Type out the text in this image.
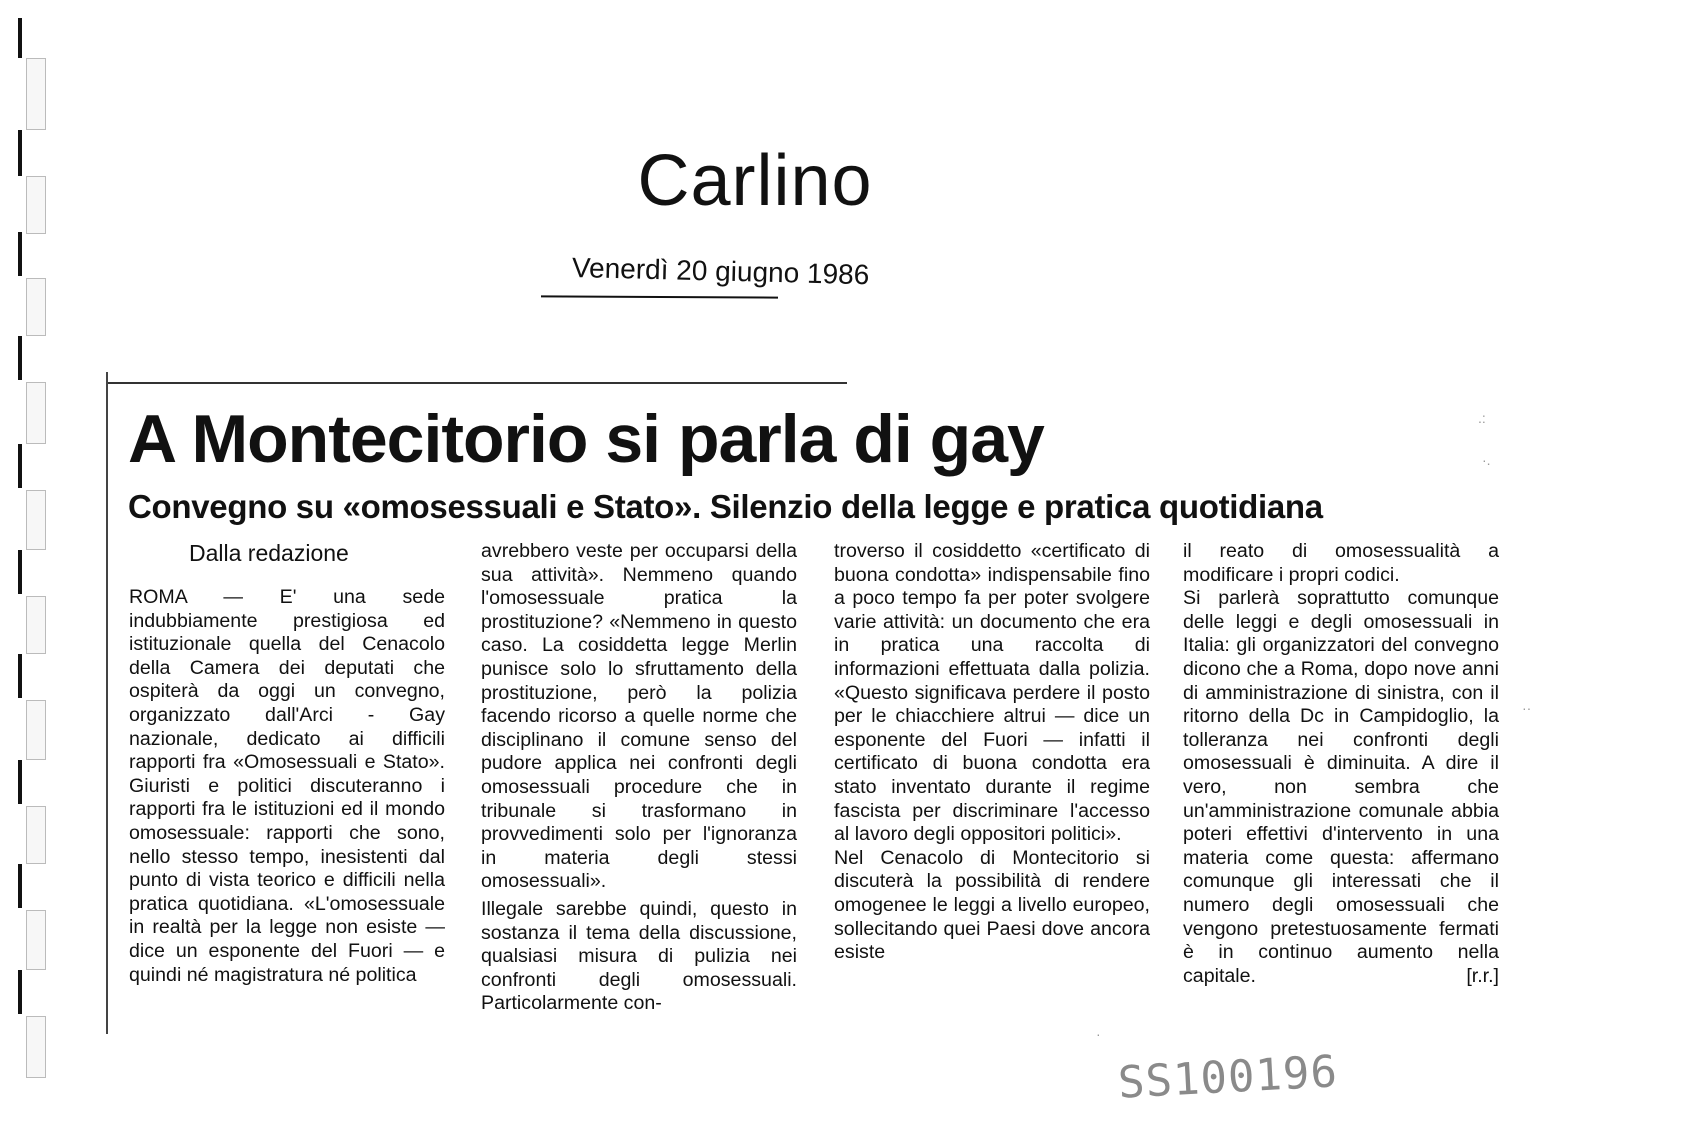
Carlino
Venerdì 20 giugno 1986
A Montecitorio si parla di gay
Convegno su «omosessuali e Stato». Silenzio della legge e pratica quotidiana
Dalla redazione

ROMA — E' una sede indubbiamente prestigiosa ed istituzionale quella del Cenacolo della Camera dei deputati che ospiterà da oggi un convegno, organizzato dall'Arci - Gay nazionale, dedicato ai difficili rapporti fra «Omosessuali e Stato». Giuristi e politici discuteranno i rapporti fra le istituzioni ed il mondo omosessuale: rapporti che sono, nello stesso tempo, inesistenti dal punto di vista teorico e difficili nella pratica quotidiana. «L'omosessuale in realtà per la legge non esiste — dice un esponente del Fuori — e quindi né magistratura né politica

avrebbero veste per occuparsi della sua attività». Nemmeno quando l'omosessuale pratica la prostituzione? «Nemmeno in questo caso. La cosiddetta legge Merlin punisce solo lo sfruttamento della prostituzione, però la polizia facendo ricorso a quelle norme che disciplinano il comune senso del pudore applica nei confronti degli omosessuali procedure che in tribunale si trasformano in provvedimenti solo per l'ignoranza in materia degli stessi omosessuali».

Illegale sarebbe quindi, questo in sostanza il tema della discussione, qualsiasi misura di pulizia nei confronti degli omosessuali. Particolarmente con-

troverso il cosiddetto «certificato di buona condotta» indispensabile fino a poco tempo fa per poter svolgere varie attività: un documento che era in pratica una raccolta di informazioni effettuata dalla polizia. «Questo significava perdere il posto per le chiacchiere altrui — dice un esponente del Fuori — infatti il certificato di buona condotta era stato inventato durante il regime fascista per discriminare l'accesso al lavoro degli oppositori politici».

Nel Cenacolo di Montecitorio si discuterà la possibilità di rendere omogenee le leggi a livello europeo, sollecitando quei Paesi dove ancora esiste

il reato di omosessualità a modificare i propri codici.

Si parlerà soprattutto comunque delle leggi e degli omosessuali in Italia: gli organizzatori del convegno dicono che a Roma, dopo nove anni di amministrazione di sinistra, con il ritorno della Dc in Campidoglio, la tolleranza nei confronti degli omosessuali è diminuita. A dire il vero, non sembra che un'amministrazione comunale abbia poteri effettivi d'intervento in una materia come questa: affermano comunque gli interessati che il numero degli omosessuali che vengono pretestuosamente fermati è in continuo aumento nella capitale.	[r.r.]

SS100196
.:
·.
··
·
